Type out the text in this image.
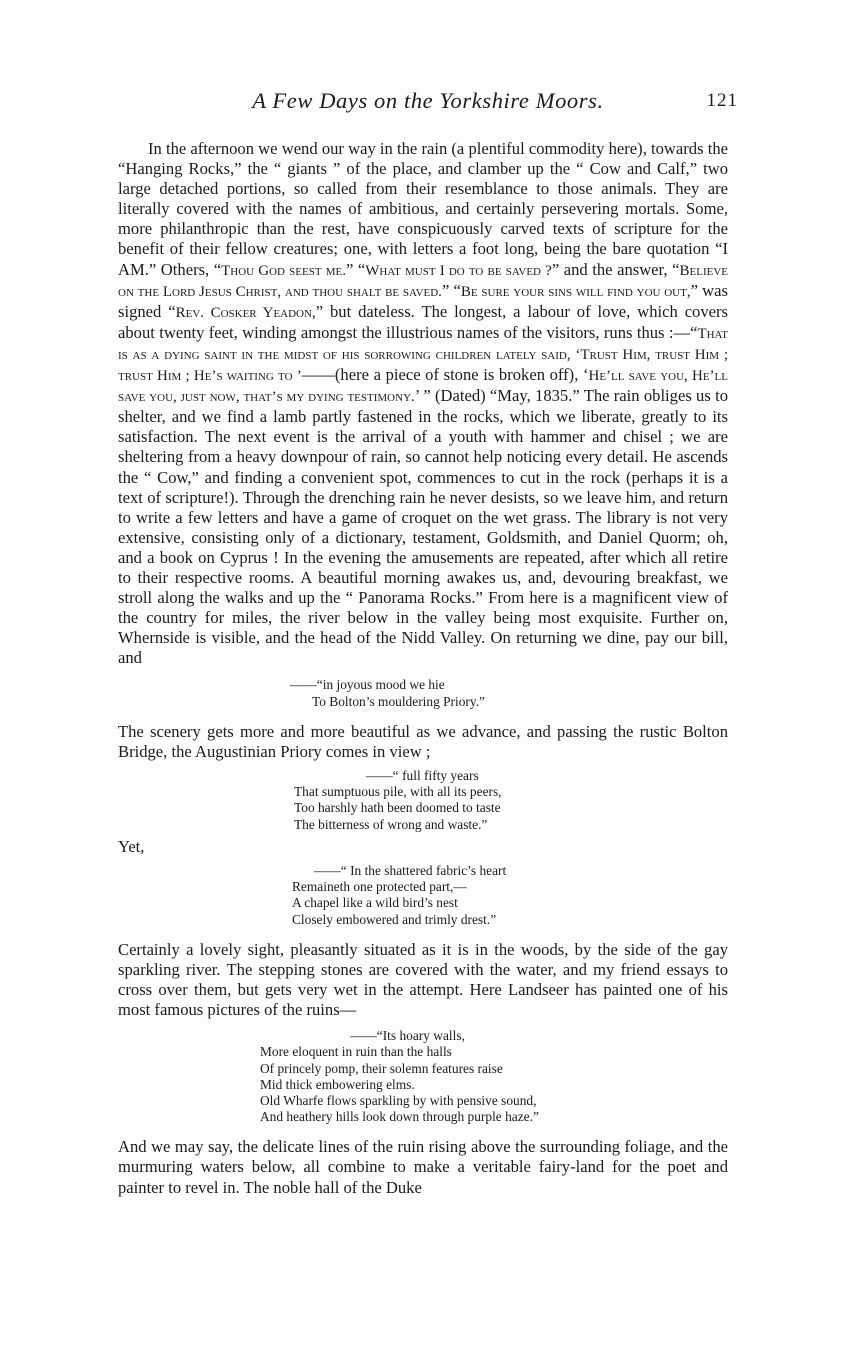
A Few Days on the Yorkshire Moors.	121

In the afternoon we wend our way in the rain (a plentiful commodity here), towards the “Hanging Rocks,” the “ giants ” of the place, and clamber up the “ Cow and Calf,” two large detached portions, so called from their resemblance to those animals. They are literally covered with the names of ambitious, and certainly persevering mortals. Some, more philanthropic than the rest, have conspicuously carved texts of scripture for the benefit of their fellow creatures; one, with letters a foot long, being the bare quotation “I AM.” Others, “Thou God seest me.” “What must I do to be saved ?” and the answer, “Believe on the Lord Jesus Christ, and thou shalt be saved.” “Be sure your sins will find you out,” was signed “Rev. Cosker Yeadon,” but dateless. The longest, a labour of love, which covers about twenty feet, winding amongst the illustrious names of the visitors, runs thus :—“That is as a dying saint in the midst of his sorrowing children lately said, ‘Trust Him, trust Him ; trust Him ; He’s waiting to ’——(here a piece of stone is broken off), ‘He’ll save you, He’ll save you, just now, that’s my dying testimony.’ ” (Dated) “May, 1835.” The rain obliges us to shelter, and we find a lamb partly fastened in the rocks, which we liberate, greatly to its satisfaction. The next event is the arrival of a youth with hammer and chisel ; we are sheltering from a heavy downpour of rain, so cannot help noticing every detail. He ascends the “ Cow,” and finding a convenient spot, commences to cut in the rock (perhaps it is a text of scripture!). Through the drenching rain he never desists, so we leave him, and return to write a few letters and have a game of croquet on the wet grass. The library is not very extensive, consisting only of a dictionary, testament, Goldsmith, and Daniel Quorm; oh, and a book on Cyprus ! In the evening the amusements are repeated, after which all retire to their respective rooms. A beautiful morning awakes us, and, devouring breakfast, we stroll along the walks and up the “ Panorama Rocks.” From here is a magnificent view of the country for miles, the river below in the valley being most exquisite. Further on, Whernside is visible, and the head of the Nidd Valley. On returning we dine, pay our bill, and

——“in joyous mood we hie
To Bolton’s mouldering Priory.”

The scenery gets more and more beautiful as we advance, and passing the rustic Bolton Bridge, the Augustinian Priory comes in view ;

——“ full fifty years
That sumptuous pile, with all its peers,
Too harshly hath been doomed to taste
The bitterness of wrong and waste.”

Yet,

——“ In the shattered fabric’s heart
Remaineth one protected part,—
A chapel like a wild bird’s nest
Closely embowered and trimly drest.”

Certainly a lovely sight, pleasantly situated as it is in the woods, by the side of the gay sparkling river. The stepping stones are covered with the water, and my friend essays to cross over them, but gets very wet in the attempt. Here Landseer has painted one of his most famous pictures of the ruins—

——“Its hoary walls,
More eloquent in ruin than the halls
Of princely pomp, their solemn features raise
Mid thick embowering elms.
Old Wharfe flows sparkling by with pensive sound,
And heathery hills look down through purple haze.”

And we may say, the delicate lines of the ruin rising above the surrounding foliage, and the murmuring waters below, all combine to make a veritable fairy-land for the poet and painter to revel in. The noble hall of the Duke
